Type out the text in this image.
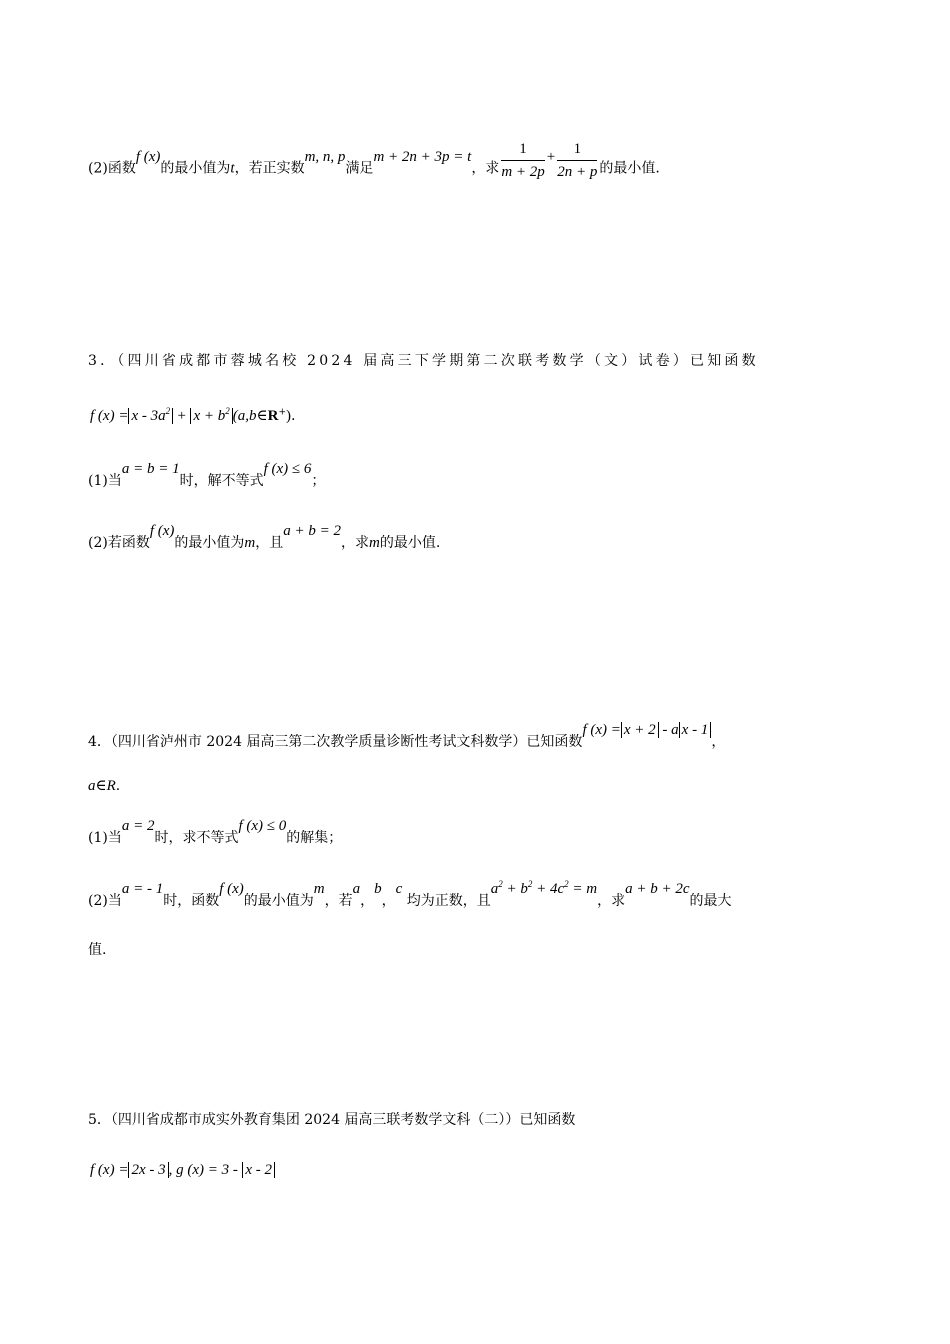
(2)函数f (x)的最小值为t，若正实数m, n, p满足m + 2n + 3p = t，求 $\frac{1}{m + 2p} + \frac{1}{2n + p}$ 的最小值.
3．（四川省成都市蓉城名校 2024 届高三下学期第二次联考数学（文）试卷）已知函数
f $(x) = x - 3a^2 + x + b^2$ (a,b∈R+).
(1)当a = b = 1时，解不等式f (x) ≤ 6；
(2)若函数f (x)的最小值为m，且a + b = 2，求m的最小值.
4．（四川省泸州市 2024 届高三第二次教学质量诊断性考试文科数学）已知函数f (x) = x + 2 - a x - 1，
a∈R.
(1)当a = 2时，求不等式f (x) ≤ 0的解集；
(2)当a = - 1时，函数f (x)的最小值为m，若a，b，c 均为正数，且$a^2 + b^2 + 4c^2 = m$，求a + b + 2c的最大
值.
5．（四川省成都市成实外教育集团 2024 届高三联考数学文科（二））已知函数
f (x) = 2x - 3 , g (x) = 3 - x - 2
